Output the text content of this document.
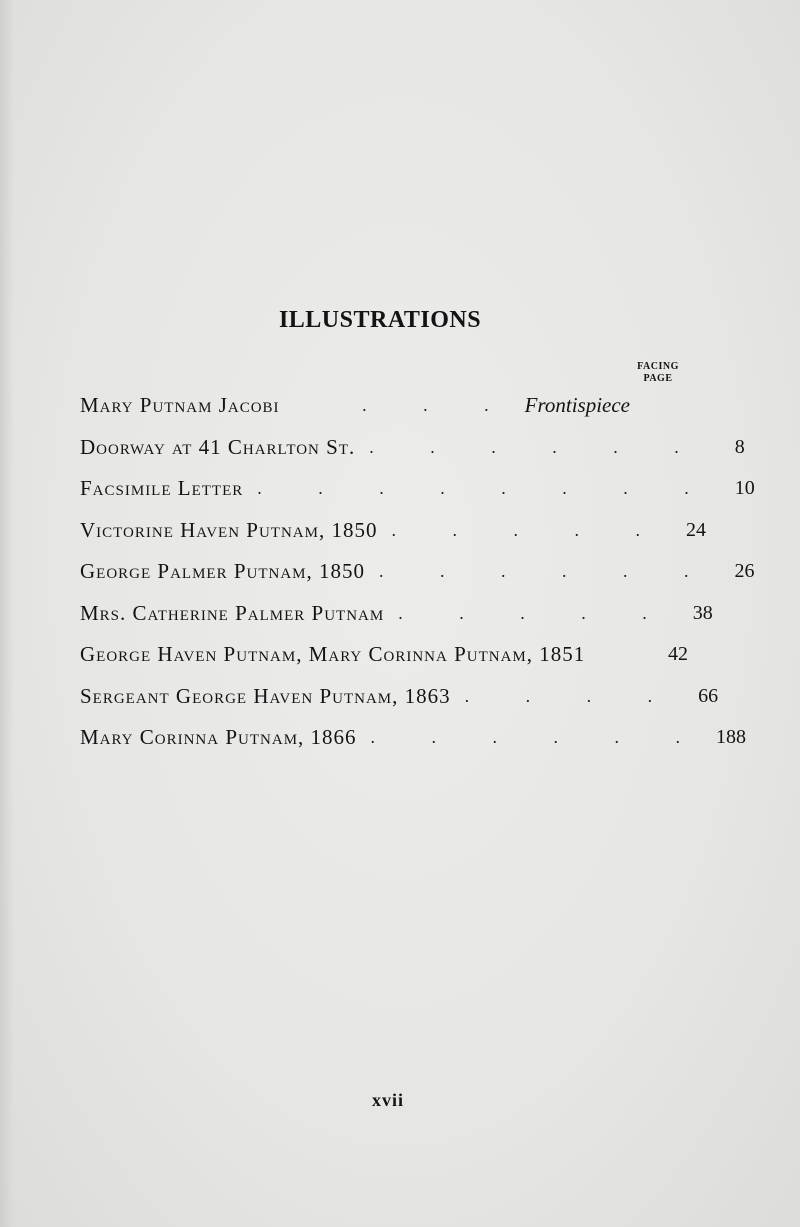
ILLUSTRATIONS
FACING
PAGE
Mary Putnam Jacobi	. . . Frontispiece
Doorway at 41 Charlton St. . . . . . .	8
Facsimile Letter . . . . . . . .	10
Victorine Haven Putnam, 1850 . . . . .	24
George Palmer Putnam, 1850 . . . . . .	26
Mrs. Catherine Palmer Putnam . . . . .	38
George Haven Putnam, Mary Corinna Putnam, 1851	42
Sergeant George Haven Putnam, 1863 . . . .	66
Mary Corinna Putnam, 1866 . . . . . . 188
xvii
